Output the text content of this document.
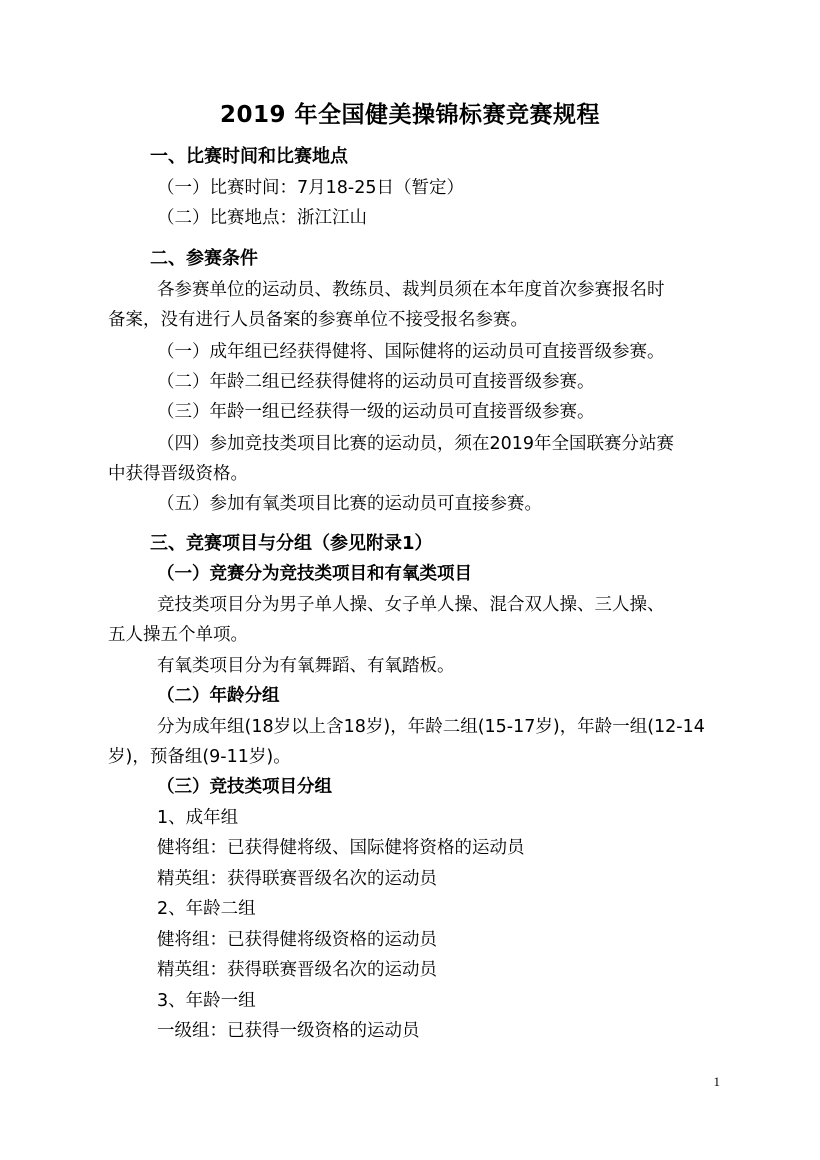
2019 年全国健美操锦标赛竞赛规程
一、比赛时间和比赛地点
（一）比赛时间：7月18-25日（暂定）
（二）比赛地点：浙江江山
二、参赛条件
各参赛单位的运动员、教练员、裁判员须在本年度首次参赛报名时
备案，没有进行人员备案的参赛单位不接受报名参赛。
（一）成年组已经获得健将、国际健将的运动员可直接晋级参赛。
（二）年龄二组已经获得健将的运动员可直接晋级参赛。
（三）年龄一组已经获得一级的运动员可直接晋级参赛。
（四）参加竞技类项目比赛的运动员，须在2019年全国联赛分站赛
中获得晋级资格。
（五）参加有氧类项目比赛的运动员可直接参赛。
三、竞赛项目与分组（参见附录1）
（一）竞赛分为竞技类项目和有氧类项目
竞技类项目分为男子单人操、女子单人操、混合双人操、三人操、
五人操五个单项。
有氧类项目分为有氧舞蹈、有氧踏板。
（二）年龄分组
分为成年组(18岁以上含18岁)，年龄二组(15-17岁)，年龄一组(12-14
岁)，预备组(9-11岁)。
（三）竞技类项目分组
1、成年组
健将组：已获得健将级、国际健将资格的运动员
精英组：获得联赛晋级名次的运动员
2、年龄二组
健将组：已获得健将级资格的运动员
精英组：获得联赛晋级名次的运动员
3、年龄一组
一级组：已获得一级资格的运动员
1
